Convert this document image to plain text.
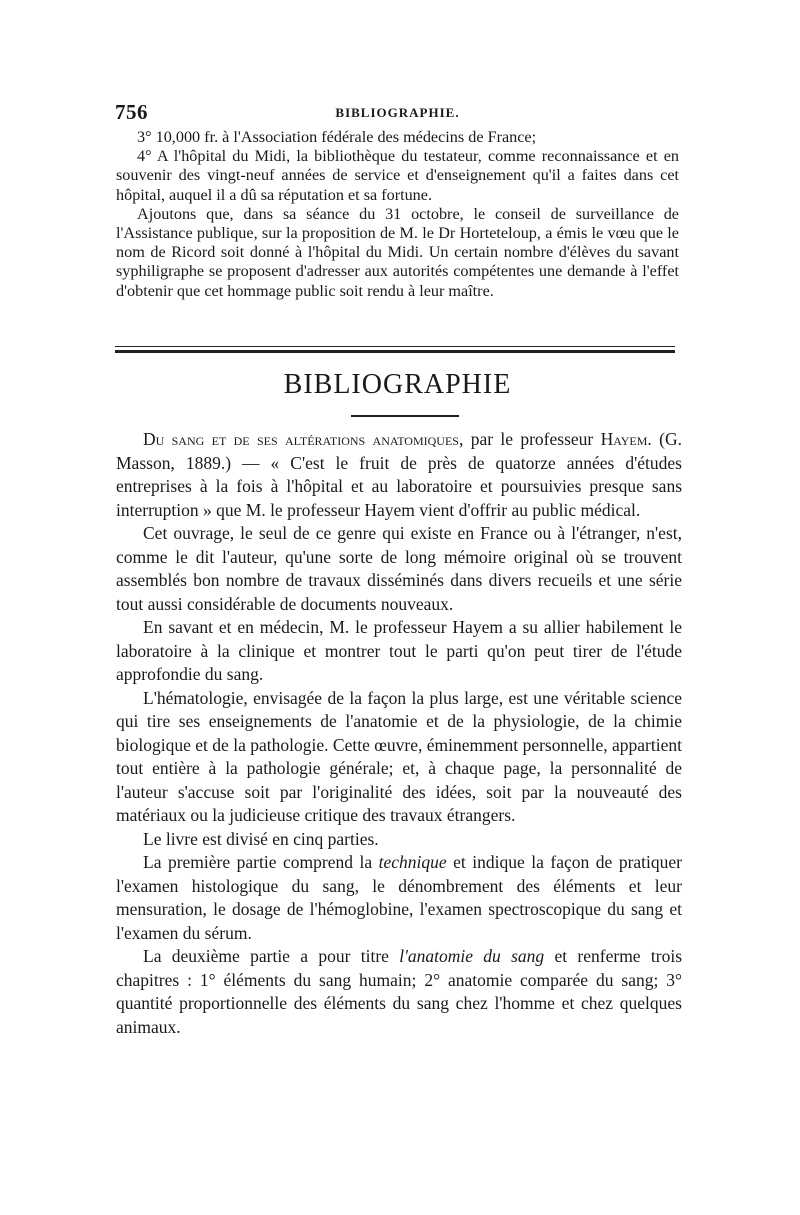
756	BIBLIOGRAPHIE.

3° 10,000 fr. à l'Association fédérale des médecins de France;

4° A l'hôpital du Midi, la bibliothèque du testateur, comme reconnaissance et en souvenir des vingt-neuf années de service et d'enseignement qu'il a faites dans cet hôpital, auquel il a dû sa réputation et sa fortune.

Ajoutons que, dans sa séance du 31 octobre, le conseil de surveillance de l'Assistance publique, sur la proposition de M. le Dr Horteteloup, a émis le vœu que le nom de Ricord soit donné à l'hôpital du Midi. Un certain nombre d'élèves du savant syphiligraphe se proposent d'adresser aux autorités compétentes une demande à l'effet d'obtenir que cet hommage public soit rendu à leur maître.

BIBLIOGRAPHIE

Du sang et de ses altérations anatomiques, par le professeur Hayem. (G. Masson, 1889.) — « C'est le fruit de près de quatorze années d'études entreprises à la fois à l'hôpital et au laboratoire et poursuivies presque sans interruption » que M. le professeur Hayem vient d'offrir au public médical.

Cet ouvrage, le seul de ce genre qui existe en France ou à l'étranger, n'est, comme le dit l'auteur, qu'une sorte de long mémoire original où se trouvent assemblés bon nombre de travaux disséminés dans divers recueils et une série tout aussi considérable de documents nouveaux.

En savant et en médecin, M. le professeur Hayem a su allier habilement le laboratoire à la clinique et montrer tout le parti qu'on peut tirer de l'étude approfondie du sang.

L'hématologie, envisagée de la façon la plus large, est une véritable science qui tire ses enseignements de l'anatomie et de la physiologie, de la chimie biologique et de la pathologie. Cette œuvre, éminemment personnelle, appartient tout entière à la pathologie générale; et, à chaque page, la personnalité de l'auteur s'accuse soit par l'originalité des idées, soit par la nouveauté des matériaux ou la judicieuse critique des travaux étrangers.

Le livre est divisé en cinq parties.

La première partie comprend la technique et indique la façon de pratiquer l'examen histologique du sang, le dénombrement des éléments et leur mensuration, le dosage de l'hémoglobine, l'examen spectroscopique du sang et l'examen du sérum.

La deuxième partie a pour titre l'anatomie du sang et renferme trois chapitres : 1° éléments du sang humain; 2° anatomie comparée du sang; 3° quantité proportionnelle des éléments du sang chez l'homme et chez quelques animaux.
